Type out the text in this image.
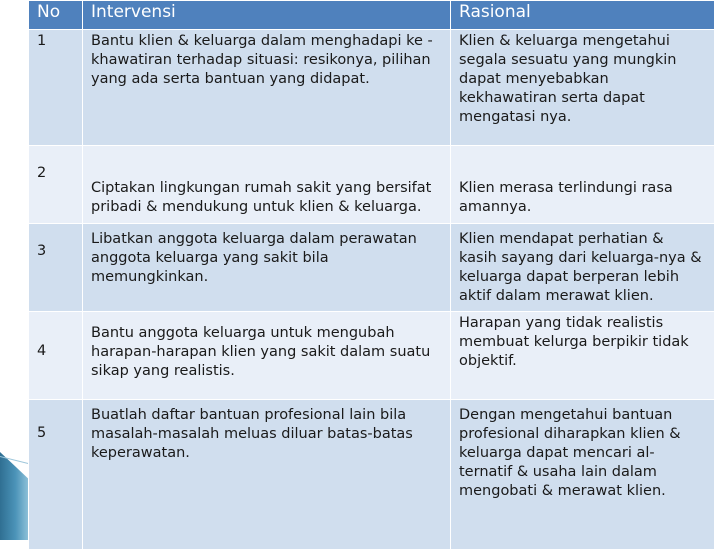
No	Intervensi	Rasional
1	Bantu klien & keluarga dalam menghadapi ke -khawatiran terhadap situasi: resikonya, pilihan yang ada serta bantuan yang didapat.	Klien & keluarga mengetahui segala sesuatu yang mungkin dapat menyebabkan kekhawatiran serta dapat mengatasi nya.
2	Ciptakan lingkungan rumah sakit yang bersifat pribadi & mendukung untuk klien & keluarga.	Klien merasa terlindungi rasa amannya.
3	Libatkan anggota keluarga dalam perawatan anggota keluarga yang sakit bila memungkinkan.	Klien mendapat perhatian & kasih sayang dari keluarga-nya & keluarga dapat berperan lebih aktif dalam merawat klien.
4	Bantu anggota keluarga untuk mengubah harapan-harapan klien yang sakit dalam suatu sikap yang realistis.	Harapan yang tidak realistis membuat kelurga berpikir tidak objektif.
5	Buatlah daftar bantuan profesional lain bila masalah-masalah meluas diluar batas-batas keperawatan.	Dengan mengetahui bantuan profesional diharapkan klien & keluarga dapat mencari al-ternatif & usaha lain dalam mengobati & merawat klien.
